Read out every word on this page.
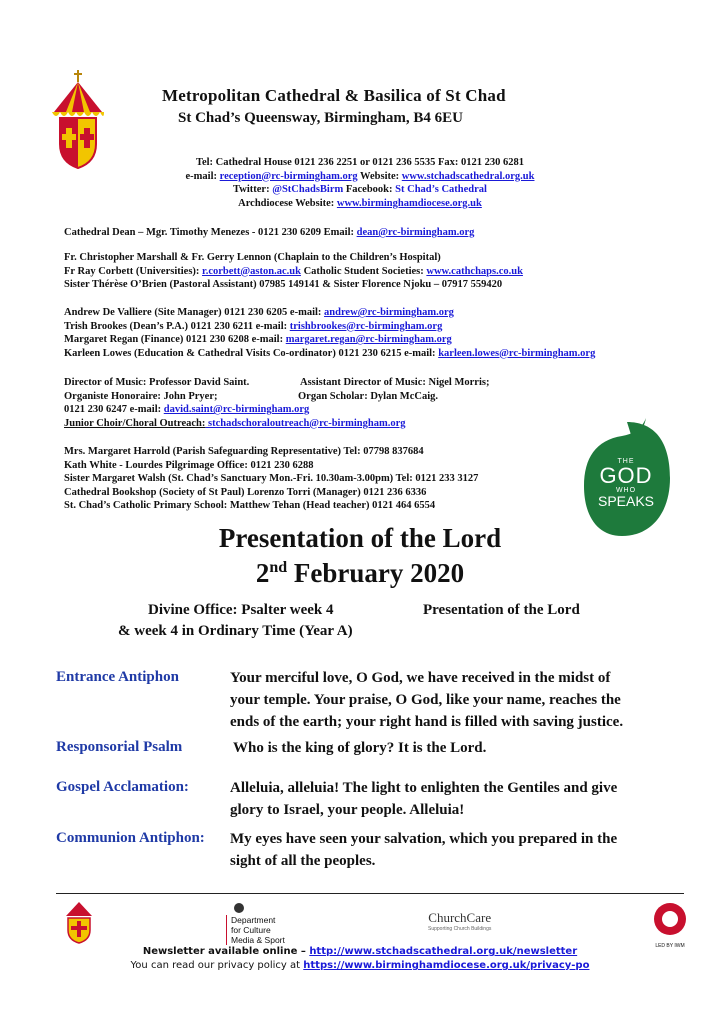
Metropolitan Cathedral & Basilica of St Chad
St Chad’s Queensway, Birmingham, B4 6EU
Tel: Cathedral House 0121 236 2251 or 0121 236 5535 Fax: 0121 230 6281
e-mail: reception@rc-birmingham.org Website: www.stchadscathedral.org.uk
Twitter: @StChadsBirm Facebook: St Chad’s Cathedral
Archdiocese Website: www.birminghamdiocese.org.uk
Cathedral Dean – Mgr. Timothy Menezes - 0121 230 6209 Email: dean@rc-birmingham.org
Fr. Christopher Marshall & Fr. Gerry Lennon (Chaplain to the Children’s Hospital)
Fr Ray Corbett (Universities): r.corbett@aston.ac.uk Catholic Student Societies: www.cathchaps.co.uk
Sister Thérèse O’Brien (Pastoral Assistant) 07985 149141 & Sister Florence Njoku – 07917 559420
Andrew De Valliere (Site Manager) 0121 230 6205 e-mail: andrew@rc-birmingham.org
Trish Brookes (Dean’s P.A.) 0121 230 6211 e-mail: trishbrookes@rc-birmingham.org
Margaret Regan (Finance) 0121 230 6208 e-mail: margaret.regan@rc-birmingham.org
Karleen Lowes (Education & Cathedral Visits Co-ordinator) 0121 230 6215 e-mail: karleen.lowes@rc-birmingham.org
Director of Music: Professor David Saint.	Assistant Director of Music: Nigel Morris;
Organiste Honoraire: John Pryer;	Organ Scholar: Dylan McCaig.
0121 230 6247 e-mail: david.saint@rc-birmingham.org
Junior Choir/Choral Outreach: stchadschoraloutreach@rc-birmingham.org
Mrs. Margaret Harrold (Parish Safeguarding Representative) Tel: 07798 837684
Kath White - Lourdes Pilgrimage Office: 0121 230 6288
Sister Margaret Walsh (St. Chad’s Sanctuary Mon.-Fri. 10.30am-3.00pm) Tel: 0121 233 3127
Cathedral Bookshop (Society of St Paul) Lorenzo Torri (Manager) 0121 236 6336
St. Chad’s Catholic Primary School: Matthew Tehan (Head teacher) 0121 464 6554
THE
GOD
WHO
SPEAKS
Presentation of the Lord
2nd February 2020
Divine Office: Psalter week 4	Presentation of the Lord
& week 4 in Ordinary Time (Year A)
Entrance Antiphon	Your merciful love, O God, we have received in the midst of
your temple. Your praise, O God, like your name, reaches the
ends of the earth; your right hand is filled with saving justice.
Responsorial Psalm	Who is the king of glory? It is the Lord.
Gospel Acclamation:	Alleluia, alleluia! The light to enlighten the Gentiles and give
glory to Israel, your people. Alleluia!
Communion Antiphon: My eyes have seen your salvation, which you prepared in the
sight of all the peoples.
Department
for Culture
Media & Sport
ChurchCare
Supporting Church Buildings
LED BY IWM
Newsletter available online – http://www.stchadscathedral.org.uk/newsletter
You can read our privacy policy at https://www.birminghamdiocese.org.uk/privacy-po
